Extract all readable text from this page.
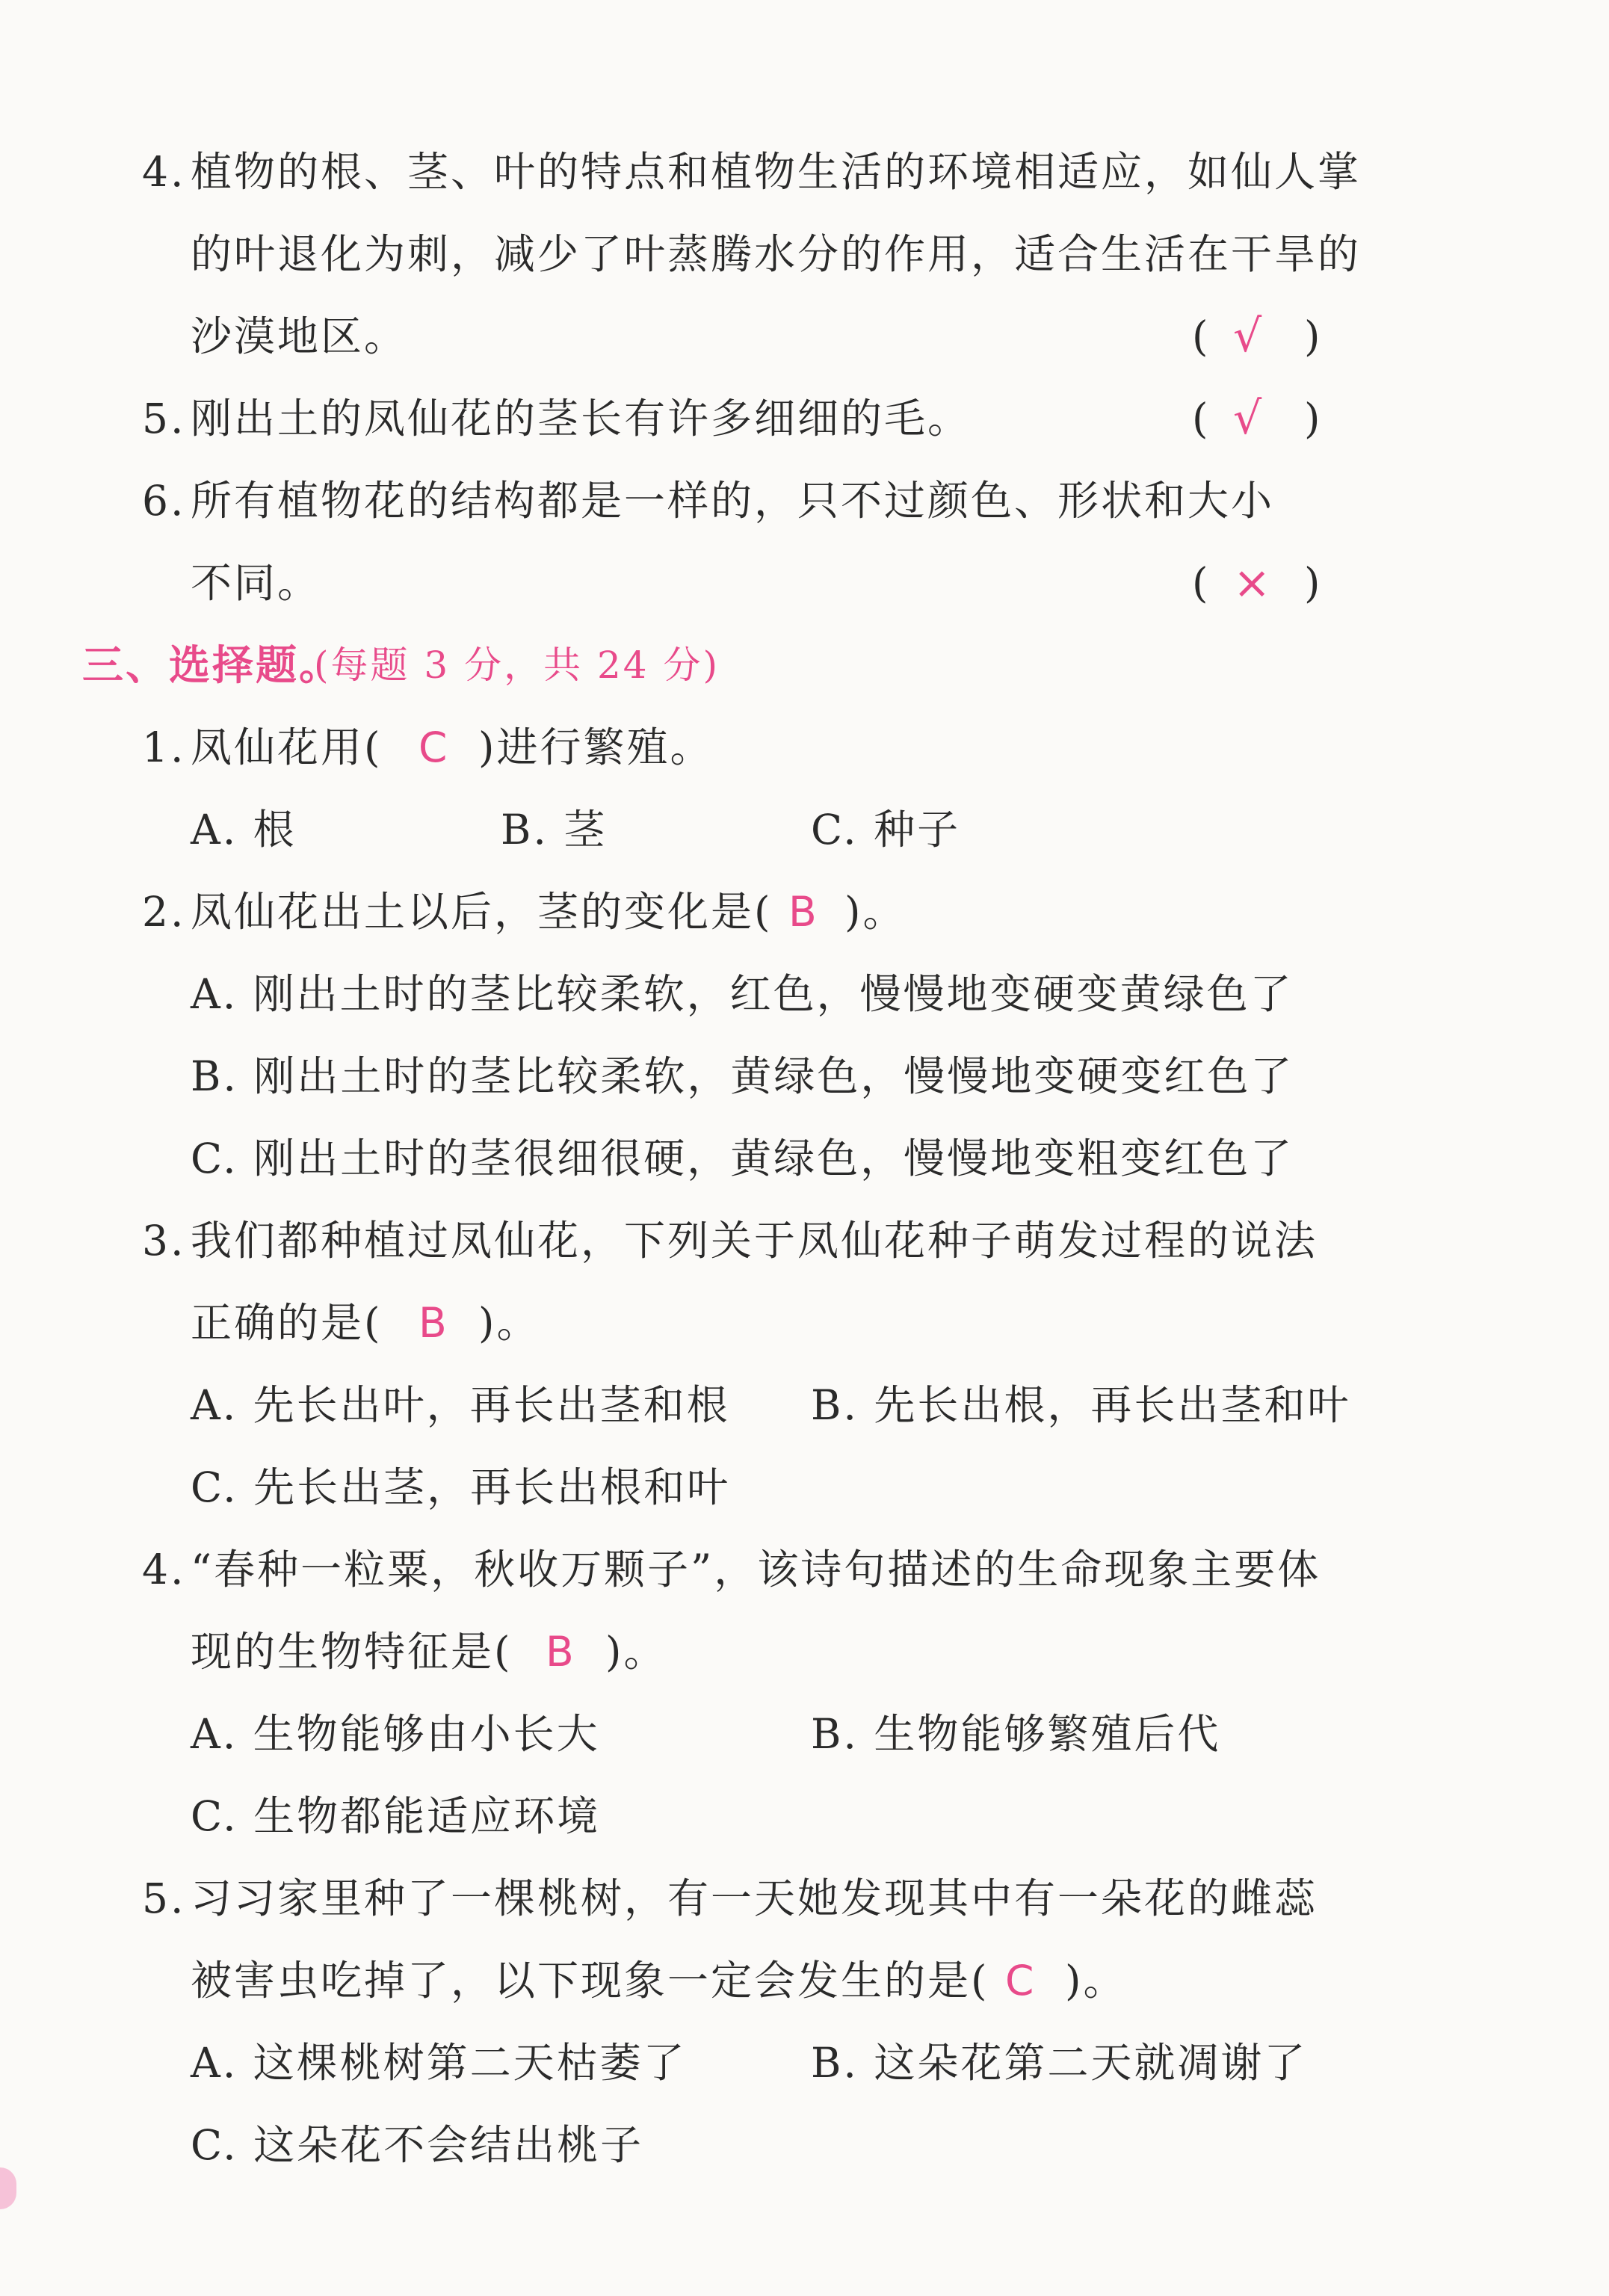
4. 植物的根、茎、叶的特点和植物生活的环境相适应，如仙人掌
的叶退化为刺，减少了叶蒸腾水分的作用，适合生活在干旱的
沙漠地区。	( √ )
5. 刚出土的凤仙花的茎长有许多细细的毛。	( √ )
6. 所有植物花的结构都是一样的，只不过颜色、形状和大小
不同。	( × )
三、选择题。
(每题 3 分，共 24 分)
1. 凤仙花用( C )进行繁殖。
A. 根	B. 茎	C. 种子
2. 凤仙花出土以后，茎的变化是( B )。
A. 刚出土时的茎比较柔软，红色，慢慢地变硬变黄绿色了
B. 刚出土时的茎比较柔软，黄绿色，慢慢地变硬变红色了
C. 刚出土时的茎很细很硬，黄绿色，慢慢地变粗变红色了
3. 我们都种植过凤仙花，下列关于凤仙花种子萌发过程的说法
正确的是( B )。
A. 先长出叶，再长出茎和根 B. 先长出根，再长出茎和叶
C. 先长出茎，再长出根和叶
4. “春种一粒粟，秋收万颗子”，该诗句描述的生命现象主要体
现的生物特征是( B )。
A. 生物能够由小长大	B. 生物能够繁殖后代
C. 生物都能适应环境
5. 习习家里种了一棵桃树，有一天她发现其中有一朵花的雌蕊
被害虫吃掉了，以下现象一定会发生的是( C )。
A. 这棵桃树第二天枯萎了	B. 这朵花第二天就凋谢了
C. 这朵花不会结出桃子
